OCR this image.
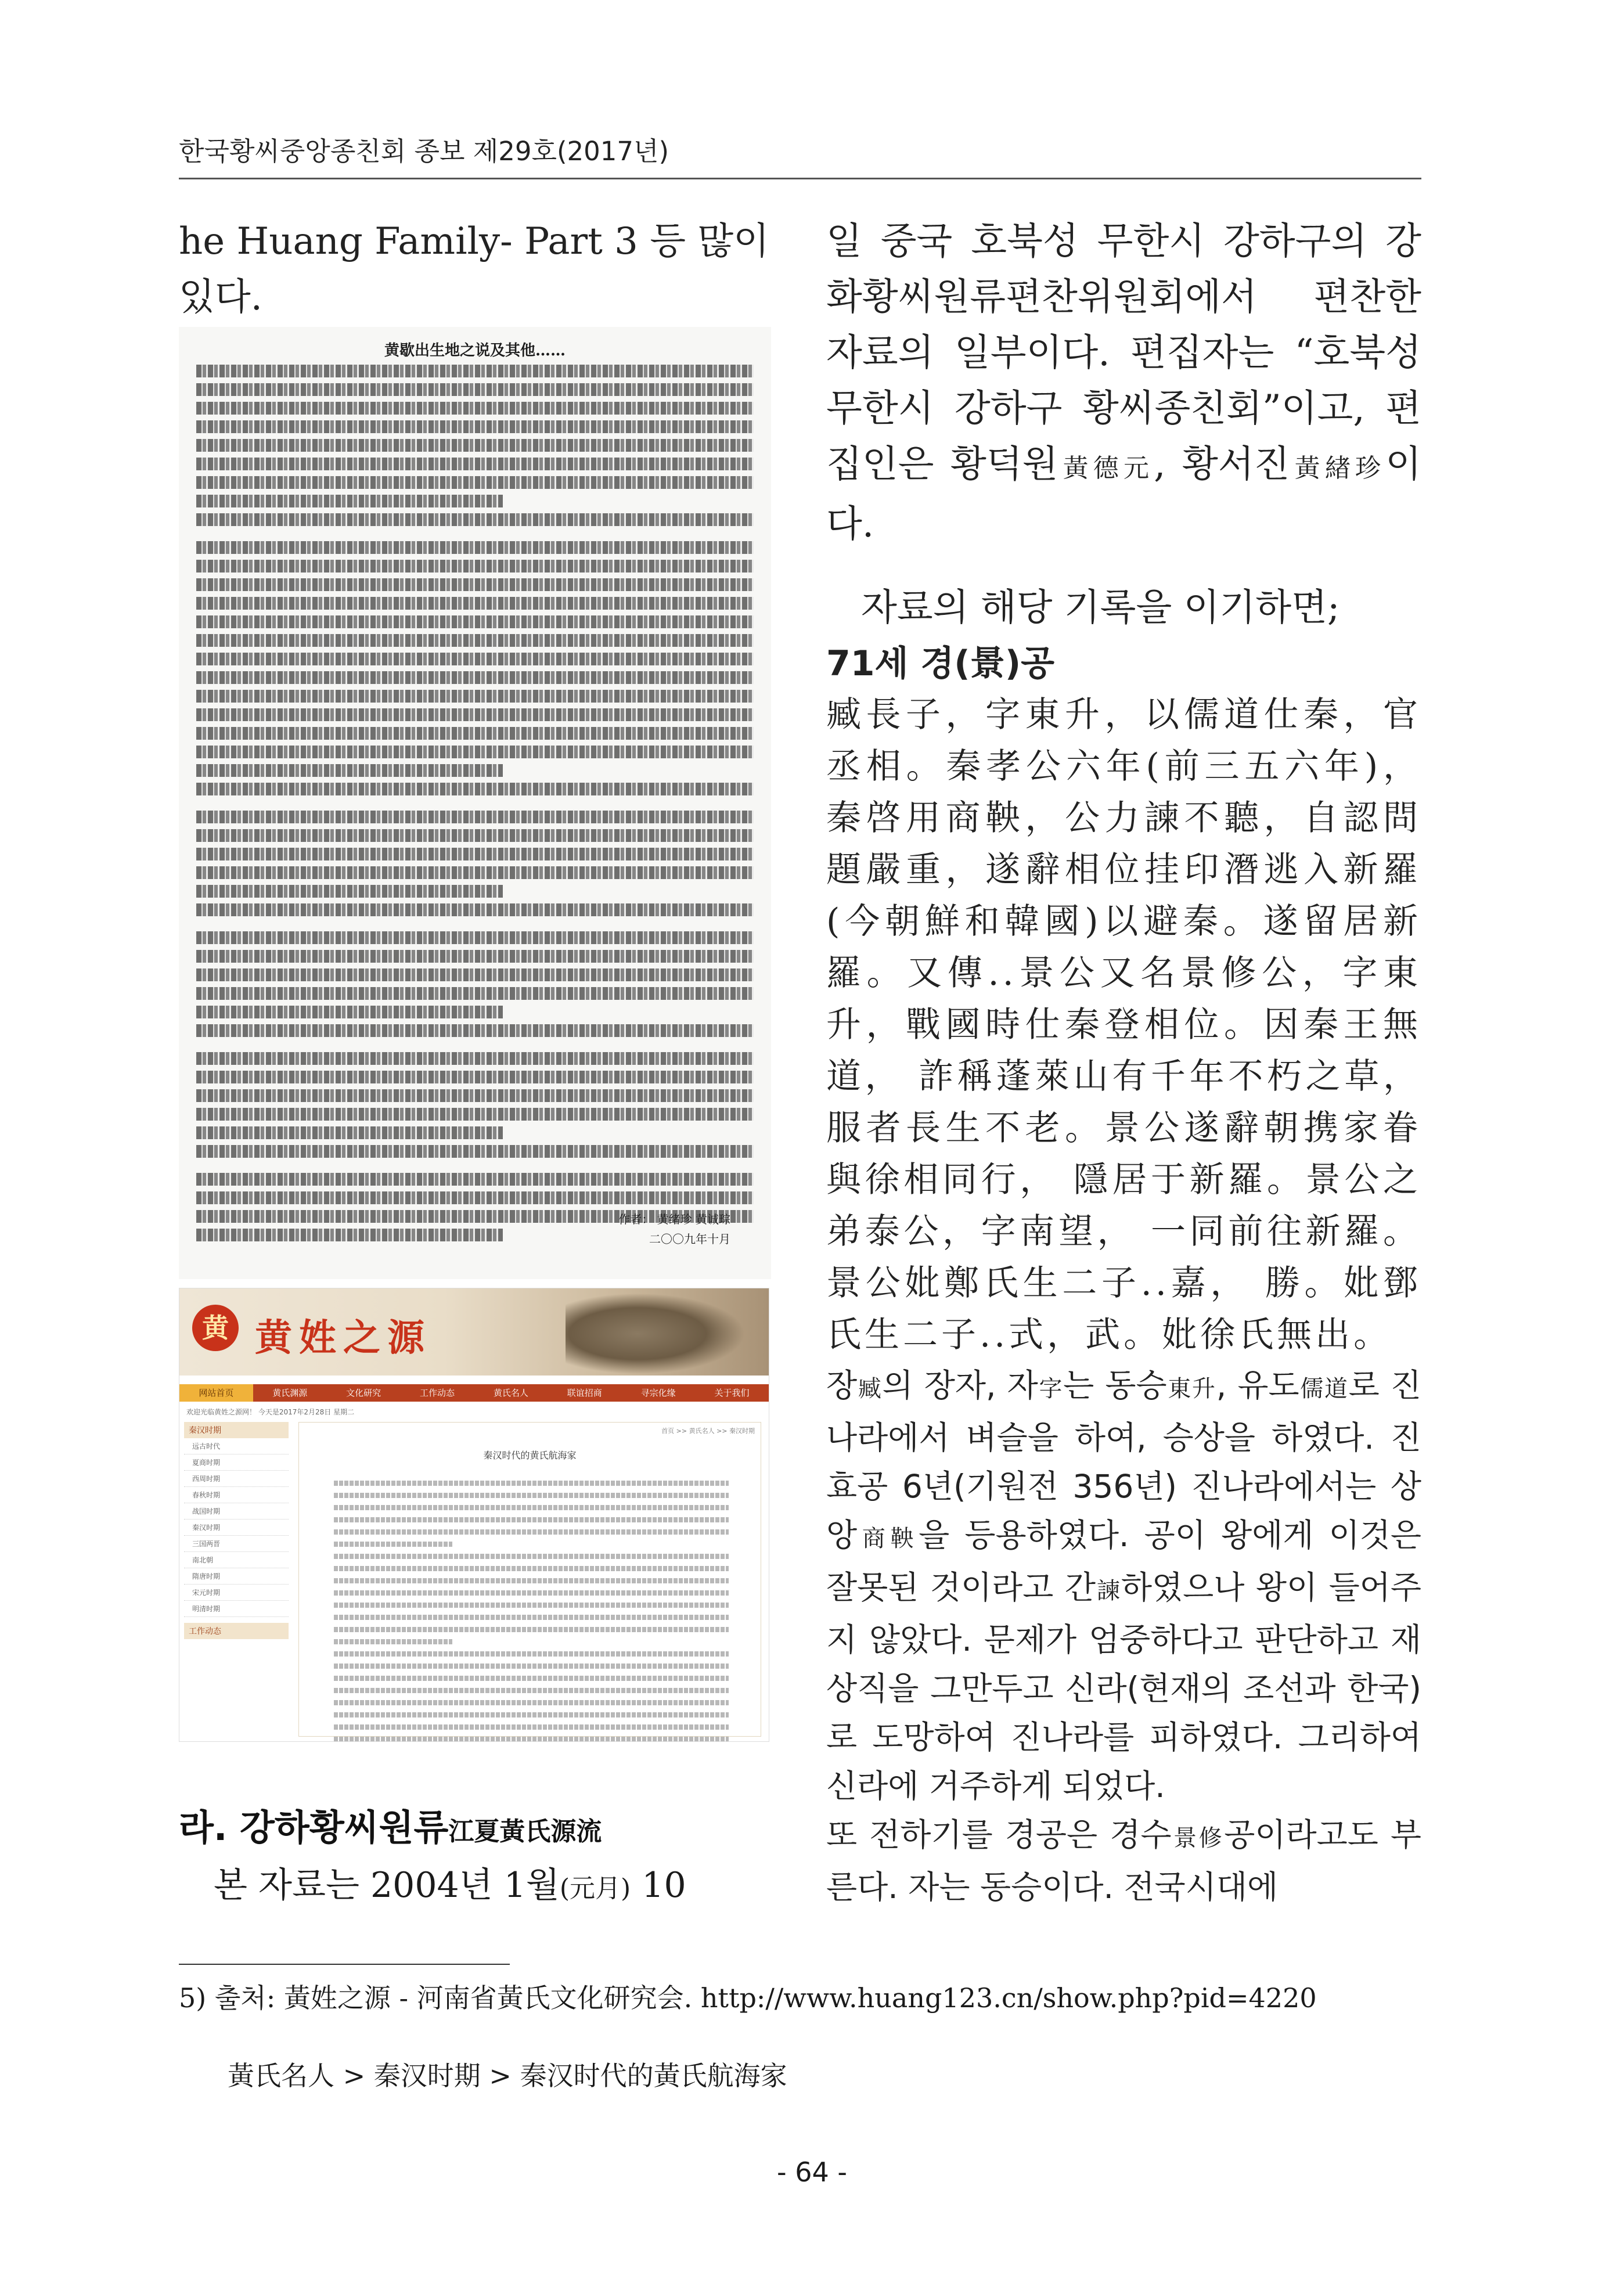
한국황씨중앙종친회 종보 제29호(2017년)

he Huang Family- Part 3 등 많이 있다.

黄歇出生地之说及其他……
作者： 黄绪珍 黄诚琮
二〇〇九年十月
黄 黄姓之源
网站首页	黄氏渊源	文化研究	工作动态	黄氏名人	联谊招商	寻宗化缘	关于我们
欢迎光临黄姓之源网！ 今天是2017年2月28日 星期二
秦汉时期
远古时代
夏商时期
西周时期
春秋时期
战国时期
秦汉时期
三国两晋
南北朝
隋唐时期
宋元时期
明清时期
工作动态
首页 >> 黄氏名人 >> 秦汉时期
秦汉时代的黄氏航海家
라. 강하황씨원류江夏黃氏源流

본 자료는 2004년 1월(元月) 10

일 중국 호북성 무한시 강하구의 강화황씨원류편찬위원회에서 편찬한 자료의 일부이다. 편집자는 “호북성 무한시 강하구 황씨종친회”이고, 편집인은 황덕원黃德元, 황서진黃緖珍이다.

자료의 해당 기록을 이기하면;

71세 경(景)공

臧長子，字東升，以儒道仕秦，官丞相。秦孝公六年(前三五六年)， 秦啓用商鞅，公力諫不聽，自認問題嚴重，遂辭相位挂印潛逃入新羅(今朝鮮和韓國)以避秦。遂留居新羅。又傳..景公又名景修公，字東升，戰國時仕秦登相位。因秦王無道， 詐稱蓬萊山有千年不朽之草， 服者長生不老。景公遂辭朝携家眷與徐相同行， 隱居于新羅。景公之弟泰公，字南望， 一同前往新羅。景公妣鄭氏生二子..嘉， 勝。妣鄧氏生二子..式，武。妣徐氏無出。

장臧의 장자, 자字는 동승東升, 유도儒道로 진나라에서 벼슬을 하여, 승상을 하였다. 진효공 6년(기원전 356년) 진나라에서는 상앙商鞅을 등용하였다. 공이 왕에게 이것은 잘못된 것이라고 간諫하였으나 왕이 들어주지 않았다. 문제가 엄중하다고 판단하고 재상직을 그만두고 신라(현재의 조선과 한국)로 도망하여 진나라를 피하였다. 그리하여 신라에 거주하게 되었다.

또 전하기를 경공은 경수景修공이라고도 부른다. 자는 동승이다. 전국시대에

5) 출처: 黃姓之源 - 河南省黃氏文化研究会. http://www.huang123.cn/show.php?pid=4220

黃氏名人 > 秦汉时期 > 秦汉时代的黃氏航海家

- 64 -
